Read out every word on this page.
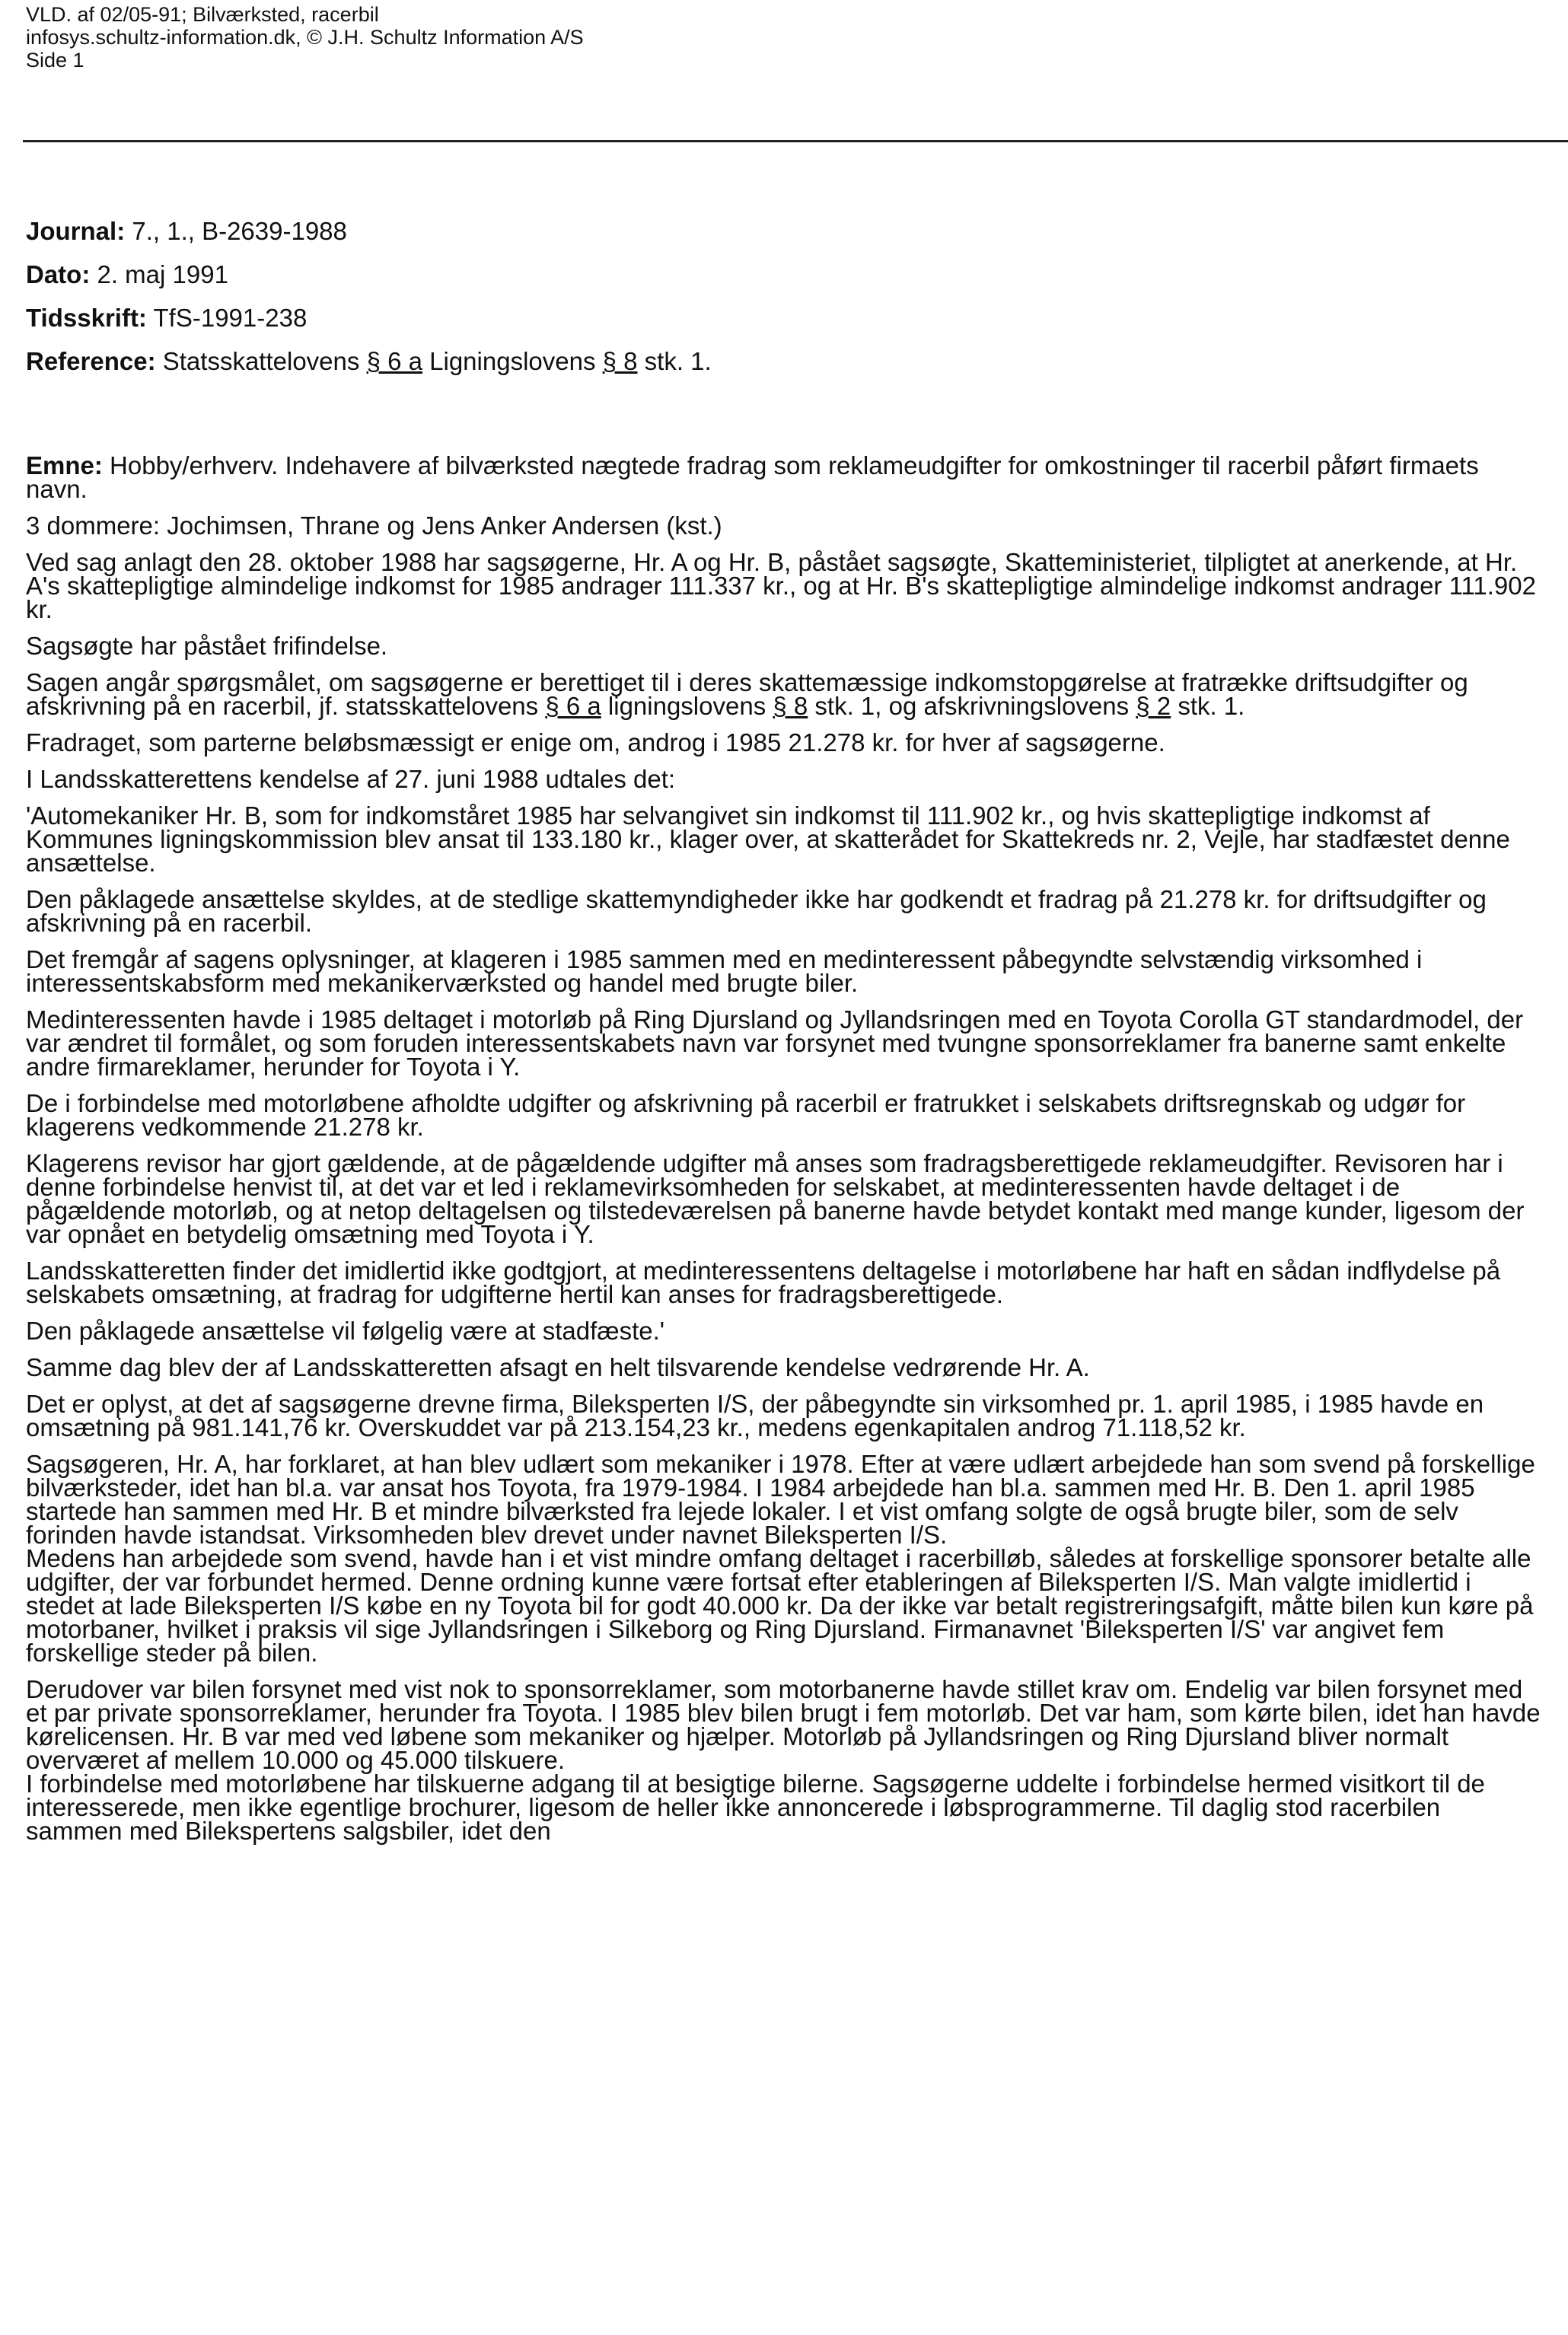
VLD. af 02/05-91; Bilværksted, racerbil
infosys.schultz-information.dk, © J.H. Schultz Information A/S
Side 1
Journal: 7., 1., B-2639-1988
Dato: 2. maj 1991
Tidsskrift: TfS-1991-238
Reference: Statsskattelovens § 6 a Ligningslovens § 8 stk. 1.

Emne: Hobby/erhverv. Indehavere af bilværksted nægtede fradrag som reklameudgifter for omkostninger til racerbil påført firmaets navn.

3 dommere: Jochimsen, Thrane og Jens Anker Andersen (kst.)

Ved sag anlagt den 28. oktober 1988 har sagsøgerne, Hr. A og Hr. B, påstået sagsøgte, Skatteministeriet, tilpligtet at anerkende, at Hr. A's skattepligtige almindelige indkomst for 1985 andrager 111.337 kr., og at Hr. B's skattepligtige almindelige indkomst andrager 111.902 kr.

Sagsøgte har påstået frifindelse.

Sagen angår spørgsmålet, om sagsøgerne er berettiget til i deres skattemæssige indkomstopgørelse at fratrække driftsudgifter og afskrivning på en racerbil, jf. statsskattelovens § 6 a ligningslovens § 8 stk. 1, og afskrivningslovens § 2 stk. 1.

Fradraget, som parterne beløbsmæssigt er enige om, androg i 1985 21.278 kr. for hver af sagsøgerne.

I Landsskatterettens kendelse af 27. juni 1988 udtales det:

'Automekaniker Hr. B, som for indkomståret 1985 har selvangivet sin indkomst til 111.902 kr., og hvis skattepligtige indkomst af Kommunes ligningskommission blev ansat til 133.180 kr., klager over, at skatterådet for Skattekreds nr. 2, Vejle, har stadfæstet denne ansættelse.

Den påklagede ansættelse skyldes, at de stedlige skattemyndigheder ikke har godkendt et fradrag på 21.278 kr. for driftsudgifter og afskrivning på en racerbil.

Det fremgår af sagens oplysninger, at klageren i 1985 sammen med en medinteressent påbegyndte selvstændig virksomhed i interessentskabsform med mekanikerværksted og handel med brugte biler.

Medinteressenten havde i 1985 deltaget i motorløb på Ring Djursland og Jyllandsringen med en Toyota Corolla GT standardmodel, der var ændret til formålet, og som foruden interessentskabets navn var forsynet med tvungne sponsorreklamer fra banerne samt enkelte andre firmareklamer, herunder for Toyota i Y.

De i forbindelse med motorløbene afholdte udgifter og afskrivning på racerbil er fratrukket i selskabets driftsregnskab og udgør for klagerens vedkommende 21.278 kr.

Klagerens revisor har gjort gældende, at de pågældende udgifter må anses som fradragsberettigede reklameudgifter. Revisoren har i denne forbindelse henvist til, at det var et led i reklamevirksomheden for selskabet, at medinteressenten havde deltaget i de pågældende motorløb, og at netop deltagelsen og tilstedeværelsen på banerne havde betydet kontakt med mange kunder, ligesom der var opnået en betydelig omsætning med Toyota i Y.

Landsskatteretten finder det imidlertid ikke godtgjort, at medinteressentens deltagelse i motorløbene har haft en sådan indflydelse på selskabets omsætning, at fradrag for udgifterne hertil kan anses for fradragsberettigede.

Den påklagede ansættelse vil følgelig være at stadfæste.'

Samme dag blev der af Landsskatteretten afsagt en helt tilsvarende kendelse vedrørende Hr. A.

Det er oplyst, at det af sagsøgerne drevne firma, Bileksperten I/S, der påbegyndte sin virksomhed pr. 1. april 1985, i 1985 havde en omsætning på 981.141,76 kr. Overskuddet var på 213.154,23 kr., medens egenkapitalen androg 71.118,52 kr.

Sagsøgeren, Hr. A, har forklaret, at han blev udlært som mekaniker i 1978. Efter at være udlært arbejdede han som svend på forskellige bilværksteder, idet han bl.a. var ansat hos Toyota, fra 1979-1984. I 1984 arbejdede han bl.a. sammen med Hr. B. Den 1. april 1985 startede han sammen med Hr. B et mindre bilværksted fra lejede lokaler. I et vist omfang solgte de også brugte biler, som de selv forinden havde istandsat. Virksomheden blev drevet under navnet Bileksperten I/S.

Medens han arbejdede som svend, havde han i et vist mindre omfang deltaget i racerbilløb, således at forskellige sponsorer betalte alle udgifter, der var forbundet hermed. Denne ordning kunne være fortsat efter etableringen af Bileksperten I/S. Man valgte imidlertid i stedet at lade Bileksperten I/S købe en ny Toyota bil for godt 40.000 kr. Da der ikke var betalt registreringsafgift, måtte bilen kun køre på motorbaner, hvilket i praksis vil sige Jyllandsringen i Silkeborg og Ring Djursland. Firmanavnet 'Bileksperten I/S' var angivet fem forskellige steder på bilen.

Derudover var bilen forsynet med vist nok to sponsorreklamer, som motorbanerne havde stillet krav om. Endelig var bilen forsynet med et par private sponsorreklamer, herunder fra Toyota. I 1985 blev bilen brugt i fem motorløb. Det var ham, som kørte bilen, idet han havde kørelicensen. Hr. B var med ved løbene som mekaniker og hjælper. Motorløb på Jyllandsringen og Ring Djursland bliver normalt overværet af mellem 10.000 og 45.000 tilskuere.

I forbindelse med motorløbene har tilskuerne adgang til at besigtige bilerne. Sagsøgerne uddelte i forbindelse hermed visitkort til de interesserede, men ikke egentlige brochurer, ligesom de heller ikke annoncerede i løbsprogrammerne. Til daglig stod racerbilen sammen med Bilekspertens salgsbiler, idet den
